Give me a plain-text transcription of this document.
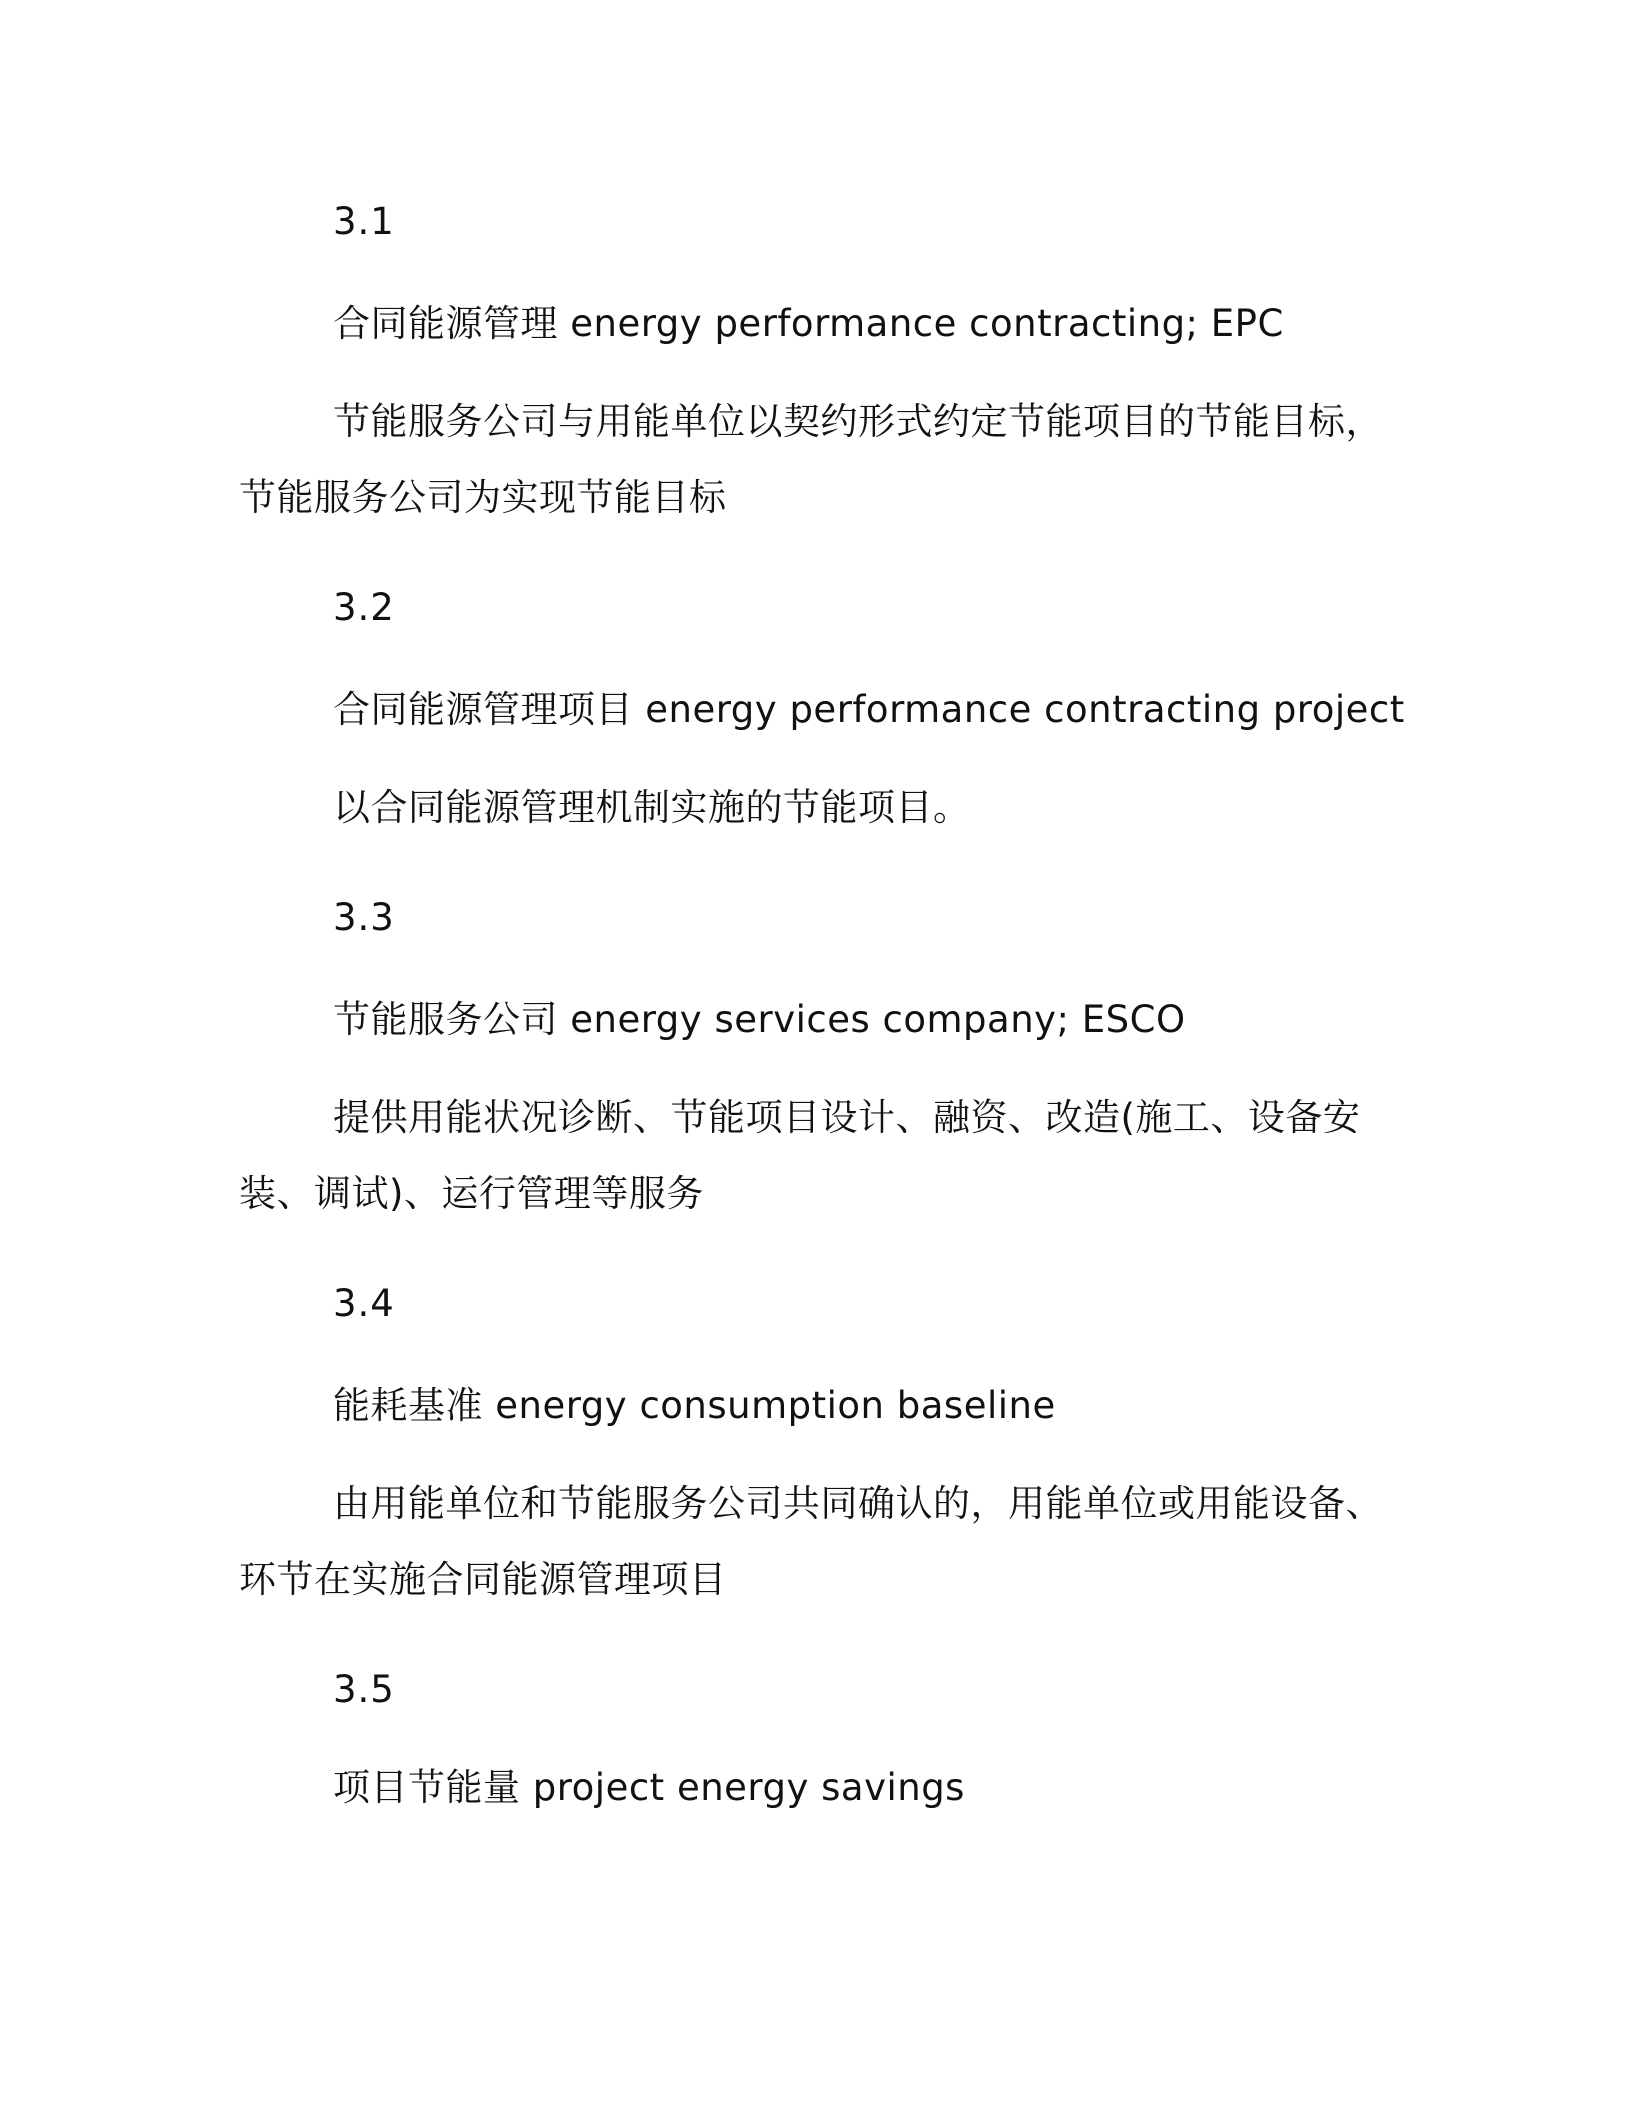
3.1
合同能源管理 energy performance contracting; EPC
节能服务公司与用能单位以契约形式约定节能项目的节能目标，
节能服务公司为实现节能目标
3.2
合同能源管理项目 energy performance contracting project
以合同能源管理机制实施的节能项目。
3.3
节能服务公司 energy services company; ESCO
提供用能状况诊断、节能项目设计、融资、改造(施工、设备安
装、调试)、运行管理等服务
3.4
能耗基准 energy consumption baseline
由用能单位和节能服务公司共同确认的，用能单位或用能设备、
环节在实施合同能源管理项目
3.5
项目节能量 project energy savings
